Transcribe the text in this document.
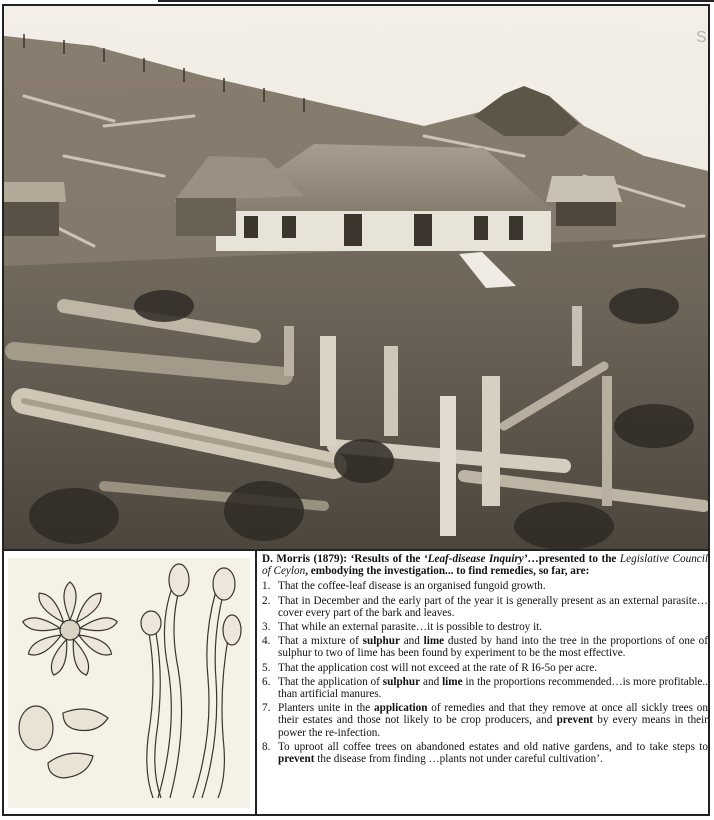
S

D. Morris (1879): ‘Results of the ‘Leaf-disease Inquiry’…presented to the Legislative Council of Ceylon, embodying the investigation... to find remedies, so far, are:

1. That the coffee-leaf disease is an organised fungoid growth.
2. That in December and the early part of the year it is generally present as an external parasite…cover every part of the bark and leaves.
3. That while an external parasite…it is possible to destroy it.
4. That a mixture of sulphur and lime dusted by hand into the tree in the proportions of one of sulphur to two of lime has been found by experiment to be the most effective.
5. That the application cost will not exceed at the rate of R I6-5o per acre.
6. That the application of sulphur and lime in the proportions recommended…is more profitable.. than artificial manures.
7. Planters unite in the application of remedies and that they remove at once all sickly trees on their estates and those not likely to be crop producers, and prevent by every means in their power the re-infection.
8. To uproot all coffee trees on abandoned estates and old native gardens, and to take steps to prevent the disease from finding …plants not under careful cultivation’.
